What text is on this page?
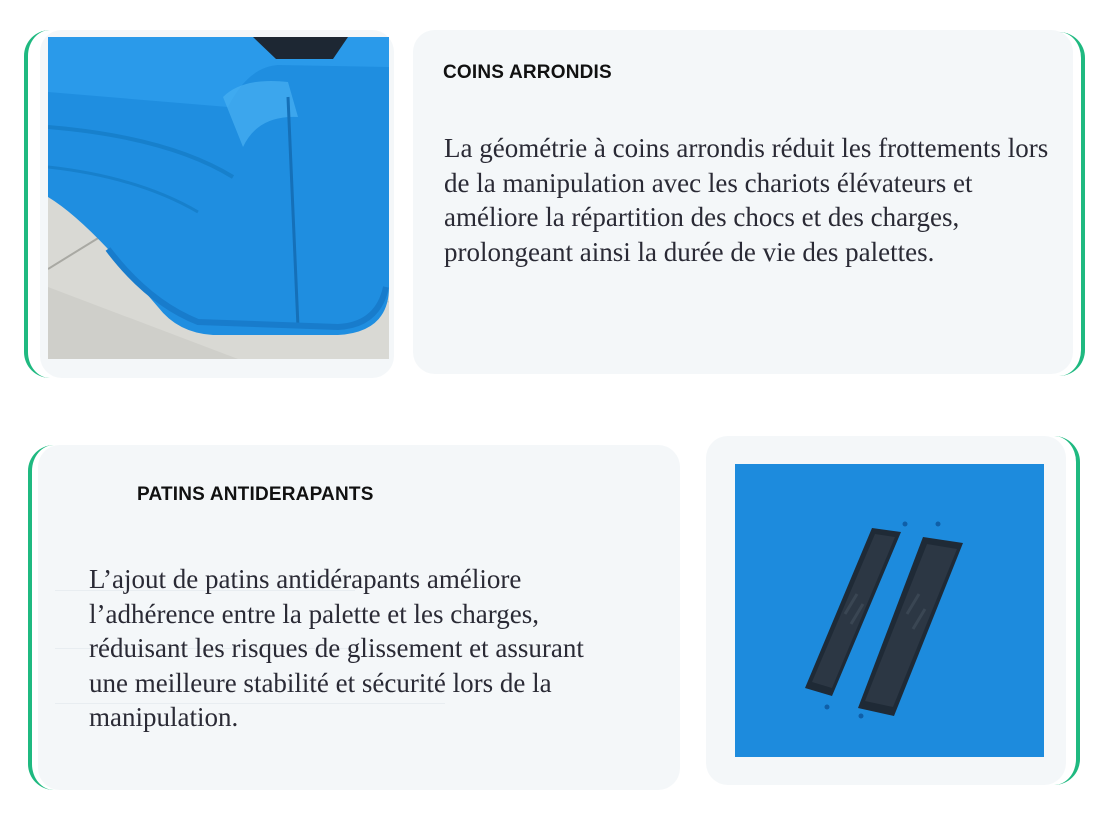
COINS ARRONDIS

La géométrie à coins arrondis réduit les frottements lors de la manipulation avec les chariots élévateurs et améliore la répartition des chocs et des charges, prolongeant ainsi la durée de vie des palettes.

PATINS ANTIDERAPANTS

L’ajout de patins antidérapants améliore l’adhérence entre la palette et les charges, réduisant les risques de glissement et assurant une meilleure stabilité et sécurité lors de la manipulation.
